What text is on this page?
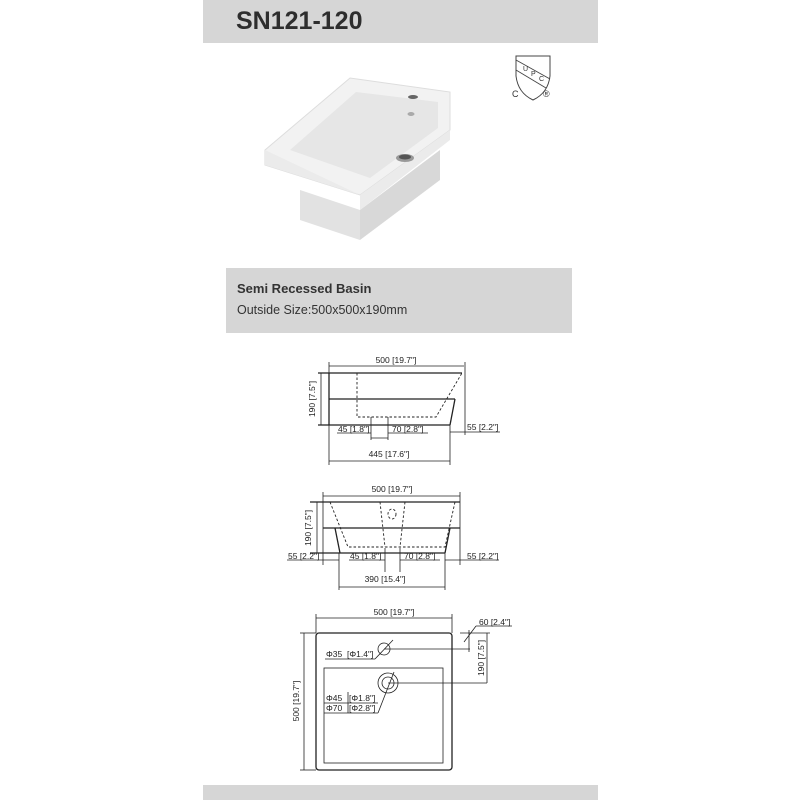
SN121-120
U
P
C
C	®
500 [19.7"]
190 [7.5"]
45 [1.8"]	70 [2.8"]	55 [2.2"]
445 [17.6"]
500 [19.7"]
190 [7.5"]
55 [2.2"]	45 [1.8"]	70 [2.8"]	55 [2.2"]
390 [15.4"]
500 [19.7"]
Φ35 [Φ1.4"]
Φ45 [Φ1.8"]
Φ70 [Φ2.8"]
60 [2.4"]
190 [7.5"]
500 [19.7"]
Semi Recessed Basin
Outside Size:500x500x190mm
